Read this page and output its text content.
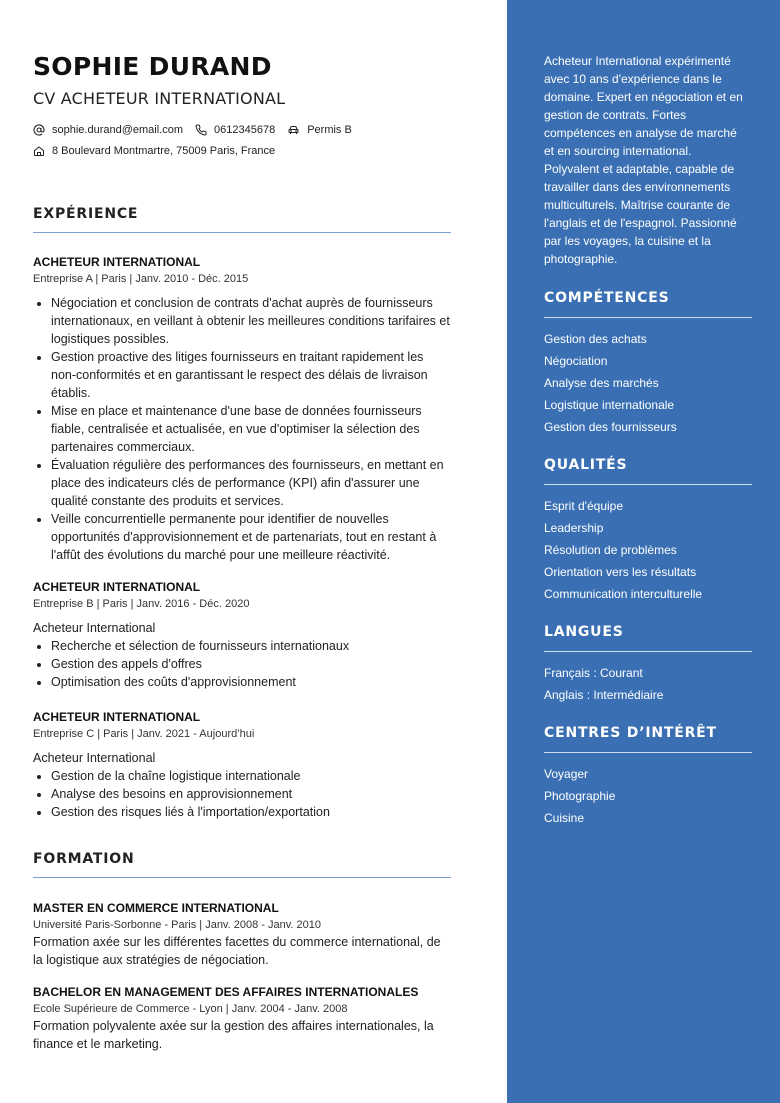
SOPHIE DURAND
CV ACHETEUR INTERNATIONAL
sophie.durand@email.com	0612345678	Permis B
8 Boulevard Montmartre, 75009 Paris, France
EXPÉRIENCE
ACHETEUR INTERNATIONAL
Entreprise A | Paris | Janv. 2010 - Déc. 2015
• Négociation et conclusion de contrats d'achat auprès de fournisseurs internationaux, en veillant à obtenir les meilleures conditions tarifaires et logistiques possibles.
• Gestion proactive des litiges fournisseurs en traitant rapidement les non-conformités et en garantissant le respect des délais de livraison établis.
• Mise en place et maintenance d'une base de données fournisseurs fiable, centralisée et actualisée, en vue d'optimiser la sélection des partenaires commerciaux.
• Évaluation régulière des performances des fournisseurs, en mettant en place des indicateurs clés de performance (KPI) afin d'assurer une qualité constante des produits et services.
• Veille concurrentielle permanente pour identifier de nouvelles opportunités d'approvisionnement et de partenariats, tout en restant à l'affût des évolutions du marché pour une meilleure réactivité.
ACHETEUR INTERNATIONAL
Entreprise B | Paris | Janv. 2016 - Déc. 2020
Acheteur International
• Recherche et sélection de fournisseurs internationaux
• Gestion des appels d'offres
• Optimisation des coûts d'approvisionnement
ACHETEUR INTERNATIONAL
Entreprise C | Paris | Janv. 2021 - Aujourd’hui
Acheteur International
• Gestion de la chaîne logistique internationale
• Analyse des besoins en approvisionnement
• Gestion des risques liés à l'importation/exportation
FORMATION
MASTER EN COMMERCE INTERNATIONAL
Université Paris-Sorbonne - Paris | Janv. 2008 - Janv. 2010
Formation axée sur les différentes facettes du commerce international, de la logistique aux stratégies de négociation.
BACHELOR EN MANAGEMENT DES AFFAIRES INTERNATIONALES
Ecole Supérieure de Commerce - Lyon | Janv. 2004 - Janv. 2008
Formation polyvalente axée sur la gestion des affaires internationales, la finance et le marketing.
Acheteur International expérimenté avec 10 ans d'expérience dans le domaine. Expert en négociation et en gestion de contrats. Fortes compétences en analyse de marché et en sourcing international. Polyvalent et adaptable, capable de travailler dans des environnements multiculturels. Maîtrise courante de l'anglais et de l'espagnol. Passionné par les voyages, la cuisine et la photographie.
COMPÉTENCES
Gestion des achats
Négociation
Analyse des marchés
Logistique internationale
Gestion des fournisseurs
QUALITÉS
Esprit d'équipe
Leadership
Résolution de problèmes
Orientation vers les résultats
Communication interculturelle
LANGUES
Français : Courant
Anglais : Intermédiaire
CENTRES D’INTÉRÊT
Voyager
Photographie
Cuisine
